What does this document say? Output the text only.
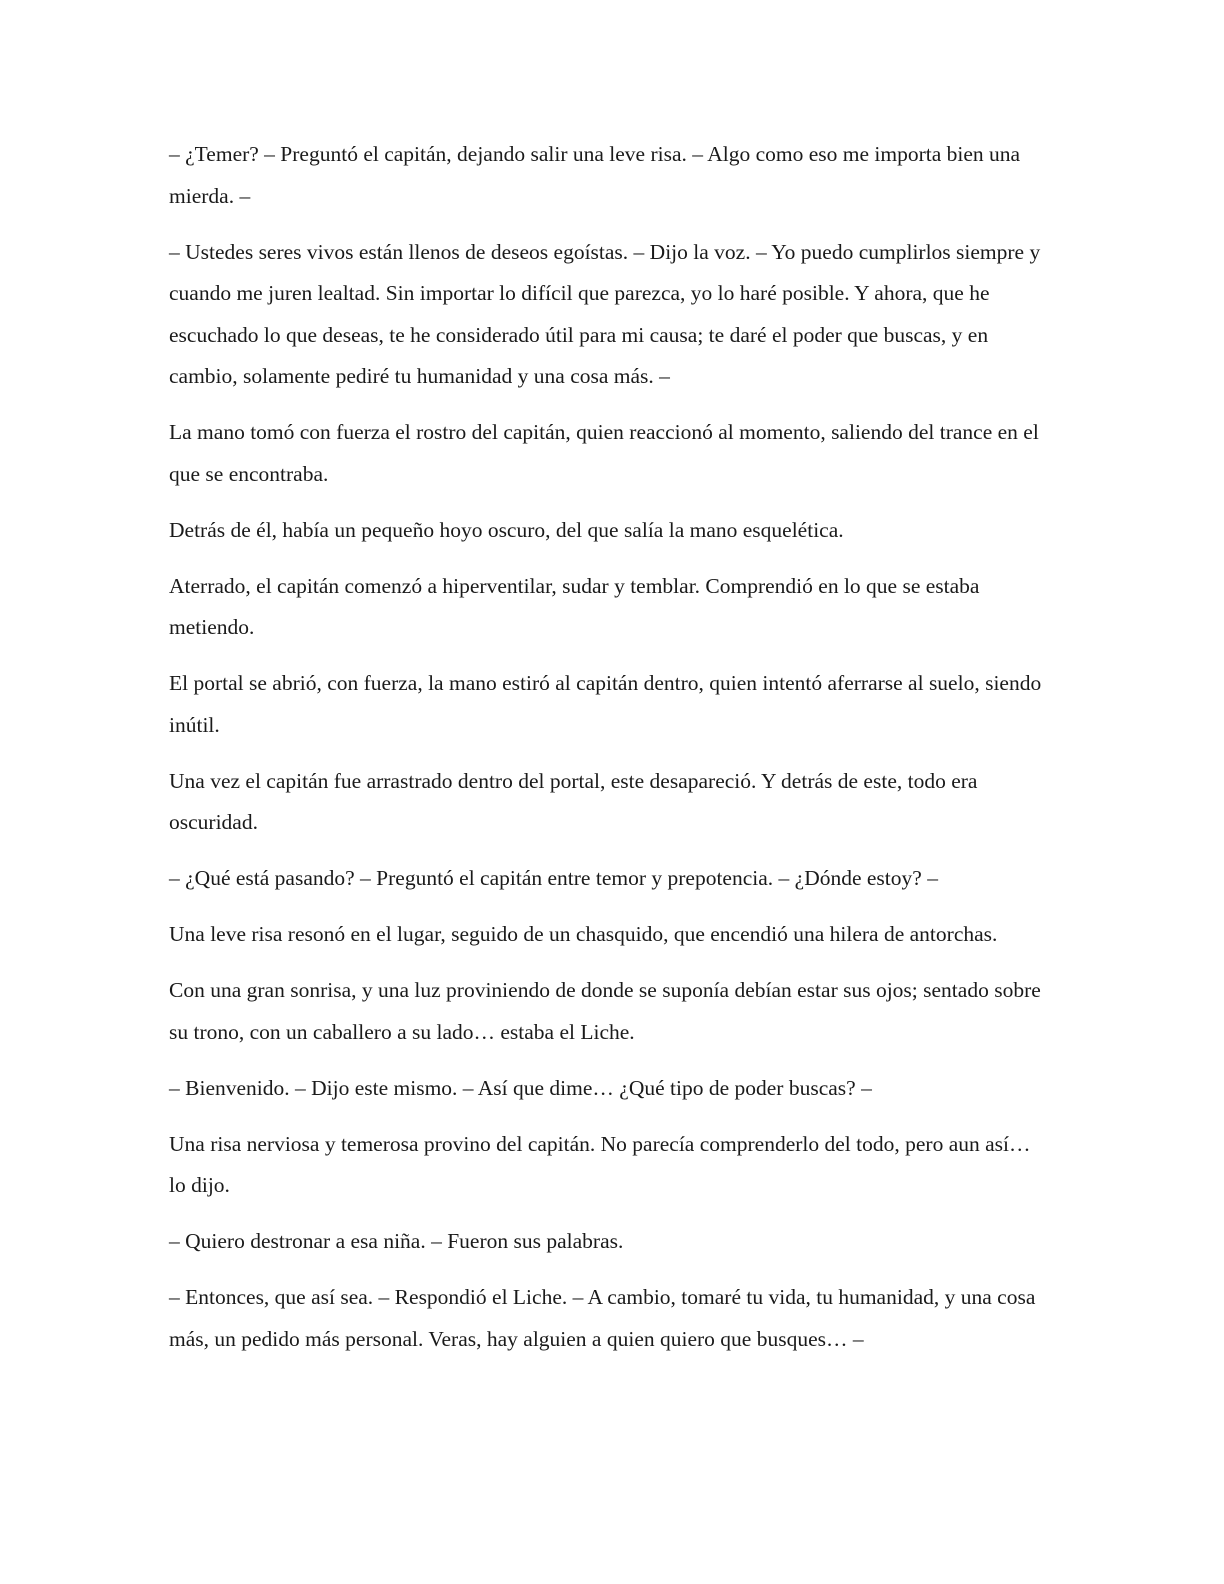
– ¿Temer? – Preguntó el capitán, dejando salir una leve risa. – Algo como eso me importa bien una mierda. –

– Ustedes seres vivos están llenos de deseos egoístas. – Dijo la voz. – Yo puedo cumplirlos siempre y cuando me juren lealtad. Sin importar lo difícil que parezca, yo lo haré posible. Y ahora, que he escuchado lo que deseas, te he considerado útil para mi causa; te daré el poder que buscas, y en cambio, solamente pediré tu humanidad y una cosa más. –

La mano tomó con fuerza el rostro del capitán, quien reaccionó al momento, saliendo del trance en el que se encontraba.

Detrás de él, había un pequeño hoyo oscuro, del que salía la mano esquelética.

Aterrado, el capitán comenzó a hiperventilar, sudar y temblar. Comprendió en lo que se estaba metiendo.

El portal se abrió, con fuerza, la mano estiró al capitán dentro, quien intentó aferrarse al suelo, siendo inútil.

Una vez el capitán fue arrastrado dentro del portal, este desapareció. Y detrás de este, todo era oscuridad.

– ¿Qué está pasando? – Preguntó el capitán entre temor y prepotencia. – ¿Dónde estoy? –

Una leve risa resonó en el lugar, seguido de un chasquido, que encendió una hilera de antorchas.

Con una gran sonrisa, y una luz proviniendo de donde se suponía debían estar sus ojos; sentado sobre su trono, con un caballero a su lado… estaba el Liche.

– Bienvenido. – Dijo este mismo. – Así que dime… ¿Qué tipo de poder buscas? –

Una risa nerviosa y temerosa provino del capitán. No parecía comprenderlo del todo, pero aun así… lo dijo.

– Quiero destronar a esa niña. – Fueron sus palabras.

– Entonces, que así sea. – Respondió el Liche. – A cambio, tomaré tu vida, tu humanidad, y una cosa más, un pedido más personal. Veras, hay alguien a quien quiero que busques… –
